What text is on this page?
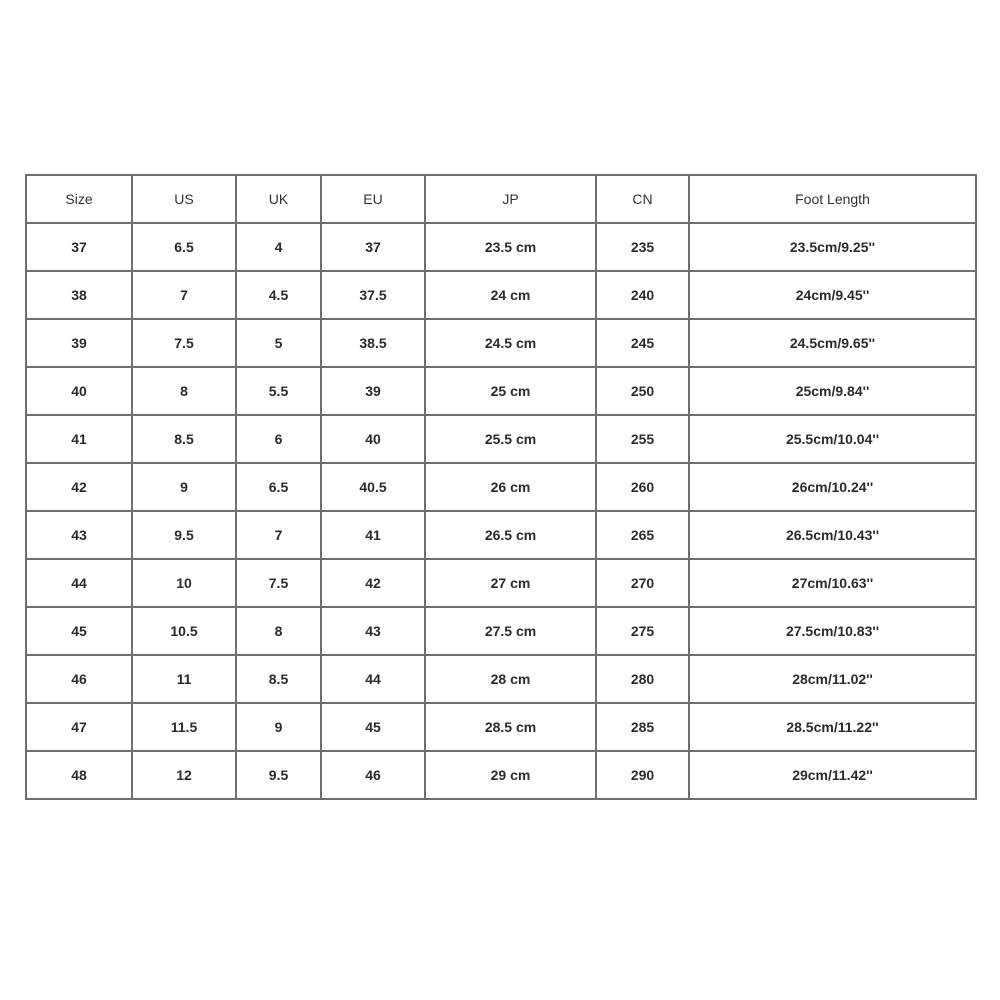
Size	US	UK	EU	JP	CN	Foot Length
37	6.5	4	37	23.5 cm	235	23.5cm/9.25''
38	7	4.5	37.5	24 cm	240	24cm/9.45''
39	7.5	5	38.5	24.5 cm	245	24.5cm/9.65''
40	8	5.5	39	25 cm	250	25cm/9.84''
41	8.5	6	40	25.5 cm	255	25.5cm/10.04''
42	9	6.5	40.5	26 cm	260	26cm/10.24''
43	9.5	7	41	26.5 cm	265	26.5cm/10.43''
44	10	7.5	42	27 cm	270	27cm/10.63''
45	10.5	8	43	27.5 cm	275	27.5cm/10.83''
46	11	8.5	44	28 cm	280	28cm/11.02''
47	11.5	9	45	28.5 cm	285	28.5cm/11.22''
48	12	9.5	46	29 cm	290	29cm/11.42''
